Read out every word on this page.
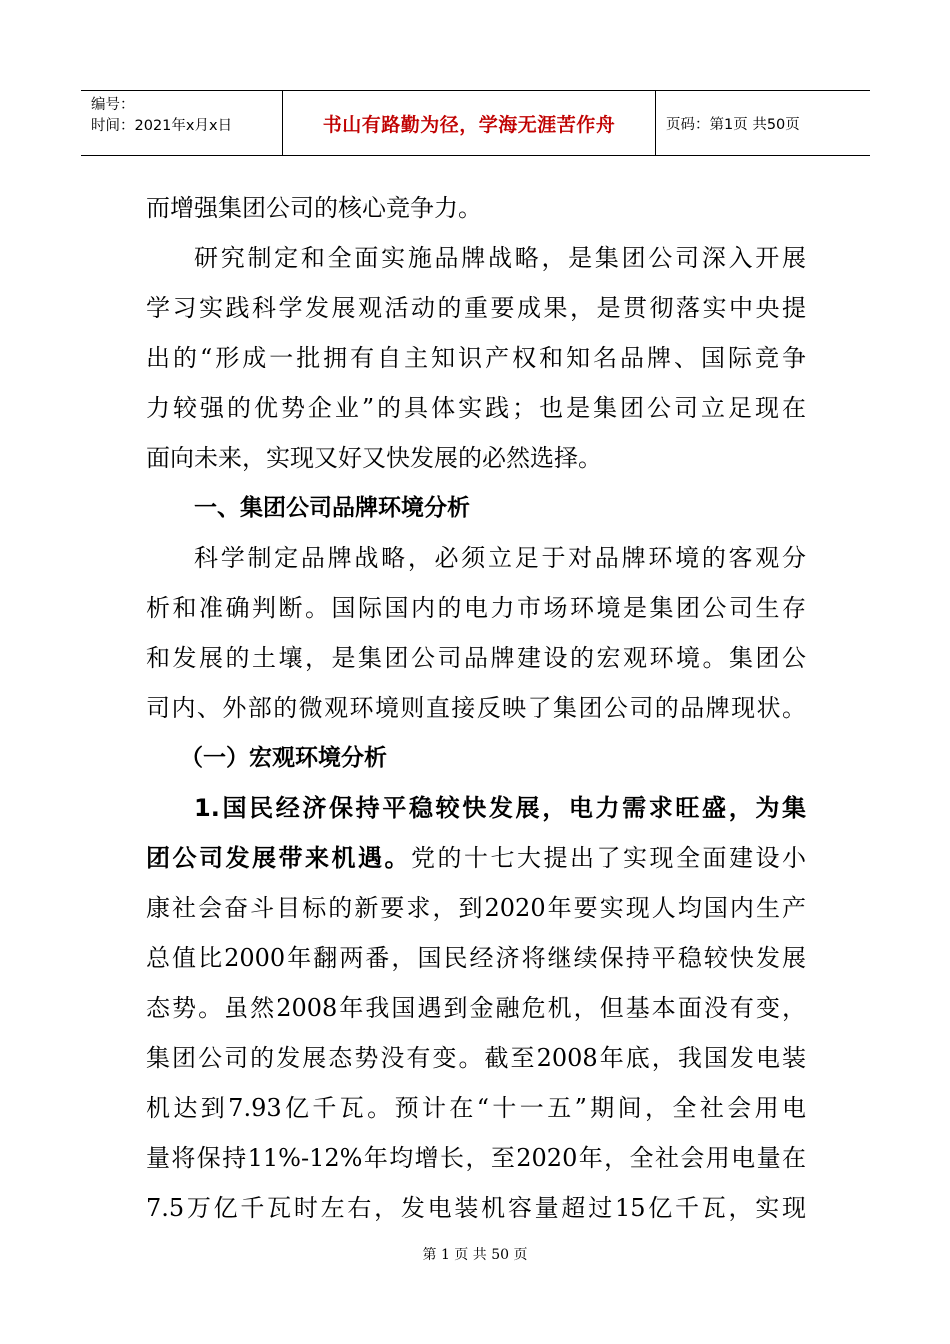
编号：
时间：2021年x月x日	书山有路勤为径，学海无涯苦作舟	页码：第1页 共50页
而增强集团公司的核心竞争力。
研究制定和全面实施品牌战略，是集团公司深入开展
学习实践科学发展观活动的重要成果，是贯彻落实中央提
出的“形成一批拥有自主知识产权和知名品牌、国际竞争
力较强的优势企业”的具体实践；也是集团公司立足现在
面向未来，实现又好又快发展的必然选择。
一、集团公司品牌环境分析
科学制定品牌战略，必须立足于对品牌环境的客观分
析和准确判断。国际国内的电力市场环境是集团公司生存
和发展的土壤，是集团公司品牌建设的宏观环境。集团公
司内、外部的微观环境则直接反映了集团公司的品牌现状。
（一）宏观环境分析
1.国民经济保持平稳较快发展，电力需求旺盛，为集
团公司发展带来机遇。党的十七大提出了实现全面建设小
康社会奋斗目标的新要求，到2020年要实现人均国内生产
总值比2000年翻两番，国民经济将继续保持平稳较快发展
态势。虽然2008年我国遇到金融危机，但基本面没有变，
集团公司的发展态势没有变。截至2008年底，我国发电装
机达到7.93亿千瓦。预计在“十一五”期间，全社会用电
量将保持11%-12%年均增长，至2020年，全社会用电量在
7.5万亿千瓦时左右，发电装机容量超过15亿千瓦，实现
第 1 页 共 50 页
